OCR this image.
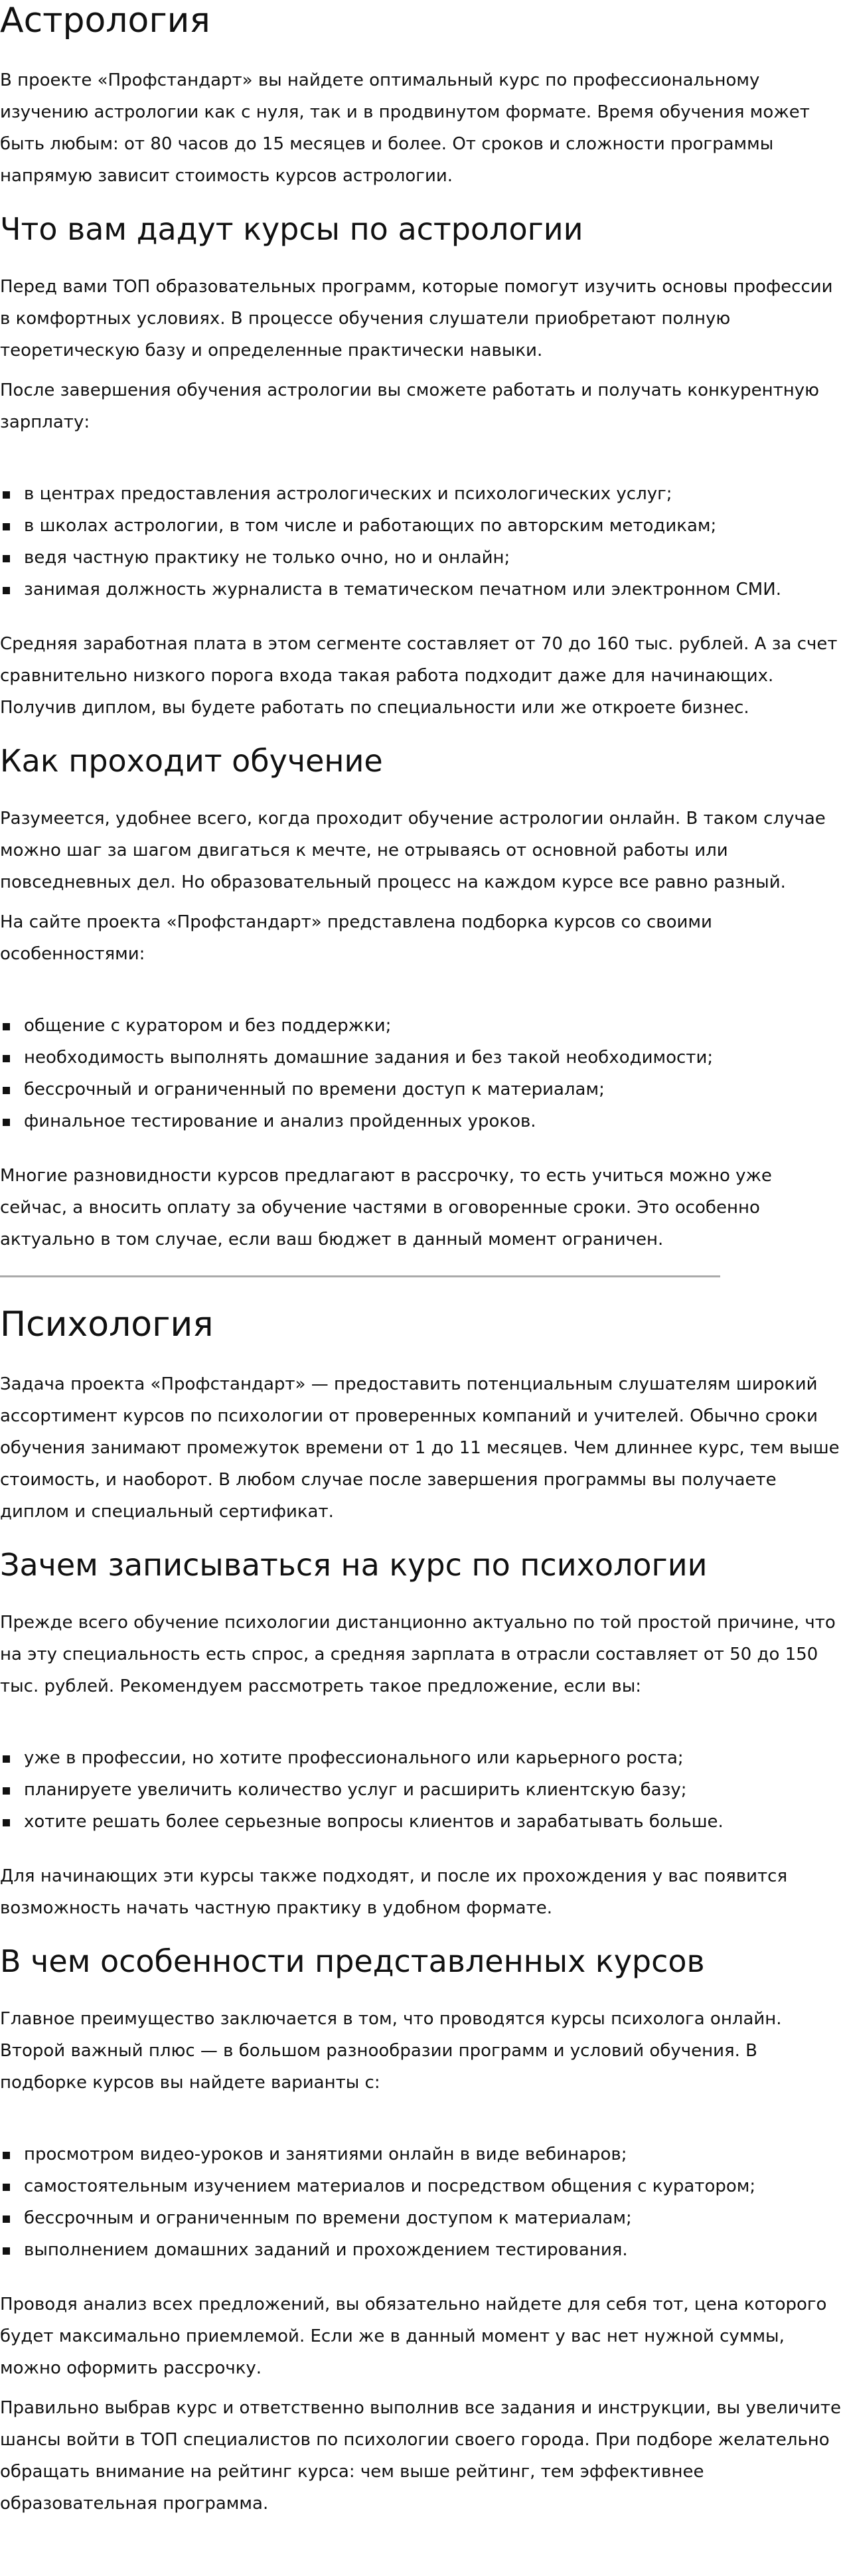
Астрология

В проекте «Профстандарт» вы найдете оптимальный курс по профессиональному изучению астрологии как с нуля, так и в продвинутом формате. Время обучения может быть любым: от 80 часов до 15 месяцев и более. От сроков и сложности программы напрямую зависит стоимость курсов астрологии.

Что вам дадут курсы по астрологии

Перед вами ТОП образовательных программ, которые помогут изучить основы профессии в комфортных условиях. В процессе обучения слушатели приобретают полную теоретическую базу и определенные практически навыки.

После завершения обучения астрологии вы сможете работать и получать конкурентную зарплату:

в центрах предоставления астрологических и психологических услуг;
в школах астрологии, в том числе и работающих по авторским методикам;
ведя частную практику не только очно, но и онлайн;
занимая должность журналиста в тематическом печатном или электронном СМИ.

Средняя заработная плата в этом сегменте составляет от 70 до 160 тыс. рублей. А за счет сравнительно низкого порога входа такая работа подходит даже для начинающих. Получив диплом, вы будете работать по специальности или же откроете бизнес.

Как проходит обучение

Разумеется, удобнее всего, когда проходит обучение астрологии онлайн. В таком случае можно шаг за шагом двигаться к мечте, не отрываясь от основной работы или повседневных дел. Но образовательный процесс на каждом курсе все равно разный.

На сайте проекта «Профстандарт» представлена подборка курсов со своими особенностями:

общение с куратором и без поддержки;
необходимость выполнять домашние задания и без такой необходимости;
бессрочный и ограниченный по времени доступ к материалам;
финальное тестирование и анализ пройденных уроков.

Многие разновидности курсов предлагают в рассрочку, то есть учиться можно уже сейчас, а вносить оплату за обучение частями в оговоренные сроки. Это особенно актуально в том случае, если ваш бюджет в данный момент ограничен.

Психология

Задача проекта «Профстандарт» — предоставить потенциальным слушателям широкий ассортимент курсов по психологии от проверенных компаний и учителей. Обычно сроки обучения занимают промежуток времени от 1 до 11 месяцев. Чем длиннее курс, тем выше стоимость, и наоборот. В любом случае после завершения программы вы получаете диплом и специальный сертификат.

Зачем записываться на курс по психологии

Прежде всего обучение психологии дистанционно актуально по той простой причине, что на эту специальность есть спрос, а средняя зарплата в отрасли составляет от 50 до 150 тыс. рублей. Рекомендуем рассмотреть такое предложение, если вы:

уже в профессии, но хотите профессионального или карьерного роста;
планируете увеличить количество услуг и расширить клиентскую базу;
хотите решать более серьезные вопросы клиентов и зарабатывать больше.

Для начинающих эти курсы также подходят, и после их прохождения у вас появится возможность начать частную практику в удобном формате.

В чем особенности представленных курсов

Главное преимущество заключается в том, что проводятся курсы психолога онлайн. Второй важный плюс — в большом разнообразии программ и условий обучения. В подборке курсов вы найдете варианты с:

просмотром видео-уроков и занятиями онлайн в виде вебинаров;
самостоятельным изучением материалов и посредством общения с куратором;
бессрочным и ограниченным по времени доступом к материалам;
выполнением домашних заданий и прохождением тестирования.

Проводя анализ всех предложений, вы обязательно найдете для себя тот, цена которого будет максимально приемлемой. Если же в данный момент у вас нет нужной суммы, можно оформить рассрочку.

Правильно выбрав курс и ответственно выполнив все задания и инструкции, вы увеличите шансы войти в ТОП специалистов по психологии своего города. При подборе желательно обращать внимание на рейтинг курса: чем выше рейтинг, тем эффективнее образовательная программа.
